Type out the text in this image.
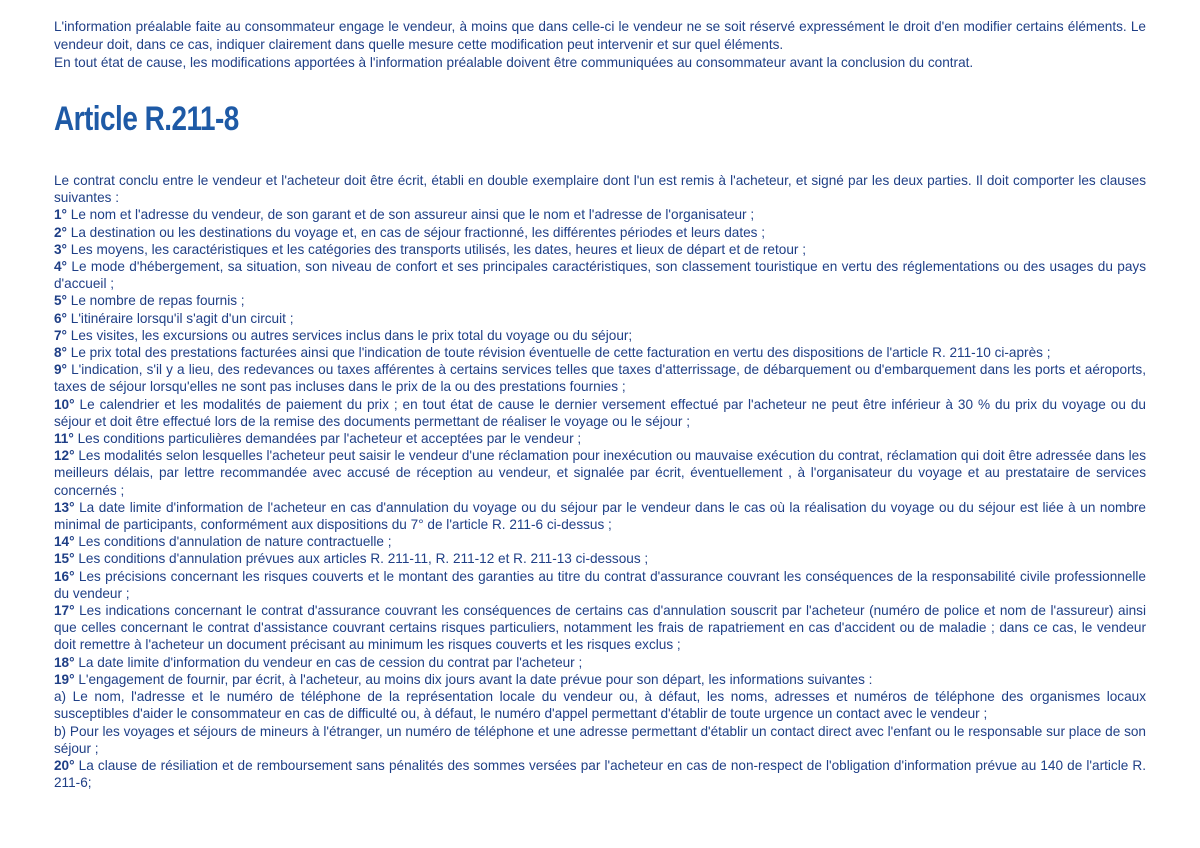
L'information préalable faite au consommateur engage le vendeur, à moins que dans celle-ci le vendeur ne se soit réservé expressément le droit d'en modifier certains éléments. Le vendeur doit, dans ce cas, indiquer clairement dans quelle mesure cette modification peut intervenir et sur quel éléments.

En tout état de cause, les modifications apportées à l'information préalable doivent être communiquées au consommateur avant la conclusion du contrat.

Article R.211-8

Le contrat conclu entre le vendeur et l'acheteur doit être écrit, établi en double exemplaire dont l'un est remis à l'acheteur, et signé par les deux parties. Il doit comporter les clauses suivantes :

1° Le nom et l'adresse du vendeur, de son garant et de son assureur ainsi que le nom et l'adresse de l'organisateur ;

2° La destination ou les destinations du voyage et, en cas de séjour fractionné, les différentes périodes et leurs dates ;

3° Les moyens, les caractéristiques et les catégories des transports utilisés, les dates, heures et lieux de départ et de retour ;

4° Le mode d'hébergement, sa situation, son niveau de confort et ses principales caractéristiques, son classement touristique en vertu des réglementations ou des usages du pays d'accueil ;

5° Le nombre de repas fournis ;

6° L'itinéraire lorsqu'il s'agit d'un circuit ;

7° Les visites, les excursions ou autres services inclus dans le prix total du voyage ou du séjour;

8° Le prix total des prestations facturées ainsi que l'indication de toute révision éventuelle de cette facturation en vertu des dispositions de l'article R. 211-10 ci-après ;

9° L'indication, s'il y a lieu, des redevances ou taxes afférentes à certains services telles que taxes d'atterrissage, de débarquement ou d'embarquement dans les ports et aéroports, taxes de séjour lorsqu'elles ne sont pas incluses dans le prix de la ou des prestations fournies ;

10° Le calendrier et les modalités de paiement du prix ; en tout état de cause le dernier versement effectué par l'acheteur ne peut être inférieur à 30 % du prix du voyage ou du séjour et doit être effectué lors de la remise des documents permettant de réaliser le voyage ou le séjour ;

11° Les conditions particulières demandées par l'acheteur et acceptées par le vendeur ;

12° Les modalités selon lesquelles l'acheteur peut saisir le vendeur d'une réclamation pour inexécution ou mauvaise exécution du contrat, réclamation qui doit être adressée dans les meilleurs délais, par lettre recommandée avec accusé de réception au vendeur, et signalée par écrit, éventuellement , à l'organisateur du voyage et au prestataire de services concernés ;

13° La date limite d'information de l'acheteur en cas d'annulation du voyage ou du séjour par le vendeur dans le cas où la réalisation du voyage ou du séjour est liée à un nombre minimal de participants, conformément aux dispositions du 7° de l'article R. 211-6 ci-dessus ;

14° Les conditions d'annulation de nature contractuelle ;

15° Les conditions d'annulation prévues aux articles R. 211-11, R. 211-12 et R. 211-13 ci-dessous ;

16° Les précisions concernant les risques couverts et le montant des garanties au titre du contrat d'assurance couvrant les conséquences de la responsabilité civile professionnelle du vendeur ;

17° Les indications concernant le contrat d'assurance couvrant les conséquences de certains cas d'annulation souscrit par l'acheteur (numéro de police et nom de l'assureur) ainsi que celles concernant le contrat d'assistance couvrant certains risques particuliers, notamment les frais de rapatriement en cas d'accident ou de maladie ; dans ce cas, le vendeur doit remettre à l'acheteur un document précisant au minimum les risques couverts et les risques exclus ;

18° La date limite d'information du vendeur en cas de cession du contrat par l'acheteur ;

19° L'engagement de fournir, par écrit, à l'acheteur, au moins dix jours avant la date prévue pour son départ, les informations suivantes :

a) Le nom, l'adresse et le numéro de téléphone de la représentation locale du vendeur ou, à défaut, les noms, adresses et numéros de téléphone des organismes locaux susceptibles d'aider le consommateur en cas de difficulté ou, à défaut, le numéro d'appel permettant d'établir de toute urgence un contact avec le vendeur ;

b) Pour les voyages et séjours de mineurs à l'étranger, un numéro de téléphone et une adresse permettant d'établir un contact direct avec l'enfant ou le responsable sur place de son séjour ;

20° La clause de résiliation et de remboursement sans pénalités des sommes versées par l'acheteur en cas de non-respect de l'obligation d'information prévue au 140 de l'article R. 211-6;
